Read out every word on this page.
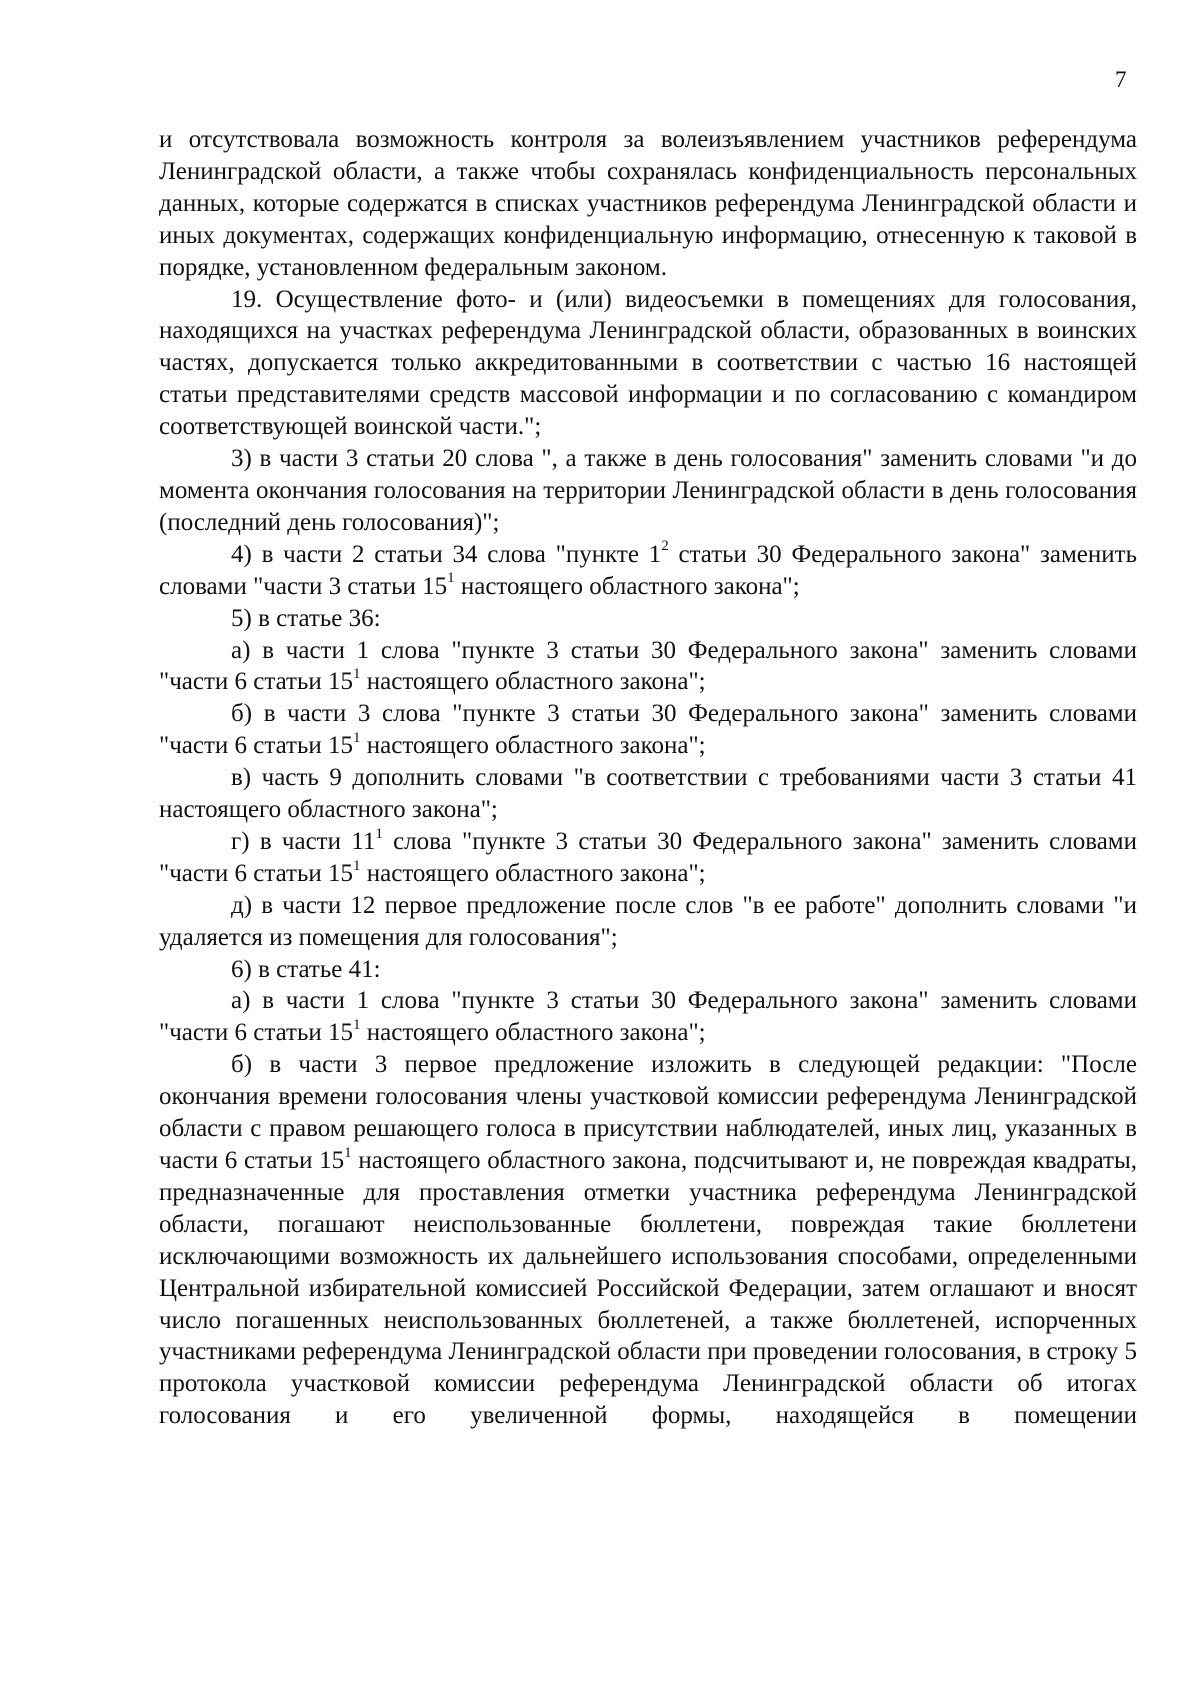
7

и отсутствовала возможность контроля за волеизъявлением участников референдума Ленинградской области, а также чтобы сохранялась конфиденциальность персональных данных, которые содержатся в списках участников референдума Ленинградской области и иных документах, содержащих конфиденциальную информацию, отнесенную к таковой в порядке, установленном федеральным законом.

19. Осуществление фото- и (или) видеосъемки в помещениях для голосования, находящихся на участках референдума Ленинградской области, образованных в воинских частях, допускается только аккредитованными в соответствии с частью 16 настоящей статьи представителями средств массовой информации и по согласованию с командиром соответствующей воинской части.";

3) в части 3 статьи 20 слова ", а также в день голосования" заменить словами "и до момента окончания голосования на территории Ленинградской области в день голосования (последний день голосования)";

4) в части 2 статьи 34 слова "пункте $1^2$ статьи 30 Федерального закона" заменить словами "части 3 статьи $15^1$ настоящего областного закона";

5) в статье 36:

а) в части 1 слова "пункте 3 статьи 30 Федерального закона" заменить словами "части 6 статьи $15^1$ настоящего областного закона";

б) в части 3 слова "пункте 3 статьи 30 Федерального закона" заменить словами "части 6 статьи $15^1$ настоящего областного закона";

в) часть 9 дополнить словами "в соответствии с требованиями части 3 статьи 41 настоящего областного закона";

г) в части $11^1$ слова "пункте 3 статьи 30 Федерального закона" заменить словами "части 6 статьи $15^1$ настоящего областного закона";

д) в части 12 первое предложение после слов "в ее работе" дополнить словами "и удаляется из помещения для голосования";

6) в статье 41:

а) в части 1 слова "пункте 3 статьи 30 Федерального закона" заменить словами "части 6 статьи $15^1$ настоящего областного закона";

б) в части 3 первое предложение изложить в следующей редакции: "После окончания времени голосования члены участковой комиссии референдума Ленинградской области с правом решающего голоса в присутствии наблюдателей, иных лиц, указанных в части 6 статьи $15^1$ настоящего областного закона, подсчитывают и, не повреждая квадраты, предназначенные для проставления отметки участника референдума Ленинградской области, погашают неиспользованные бюллетени, повреждая такие бюллетени исключающими возможность их дальнейшего использования способами, определенными Центральной избирательной комиссией Российской Федерации, затем оглашают и вносят число погашенных неиспользованных бюллетеней, а также бюллетеней, испорченных участниками референдума Ленинградской области при проведении голосования, в строку 5 протокола участковой комиссии референдума Ленинградской области об итогах голосования и его увеличенной формы, находящейся в помещении
